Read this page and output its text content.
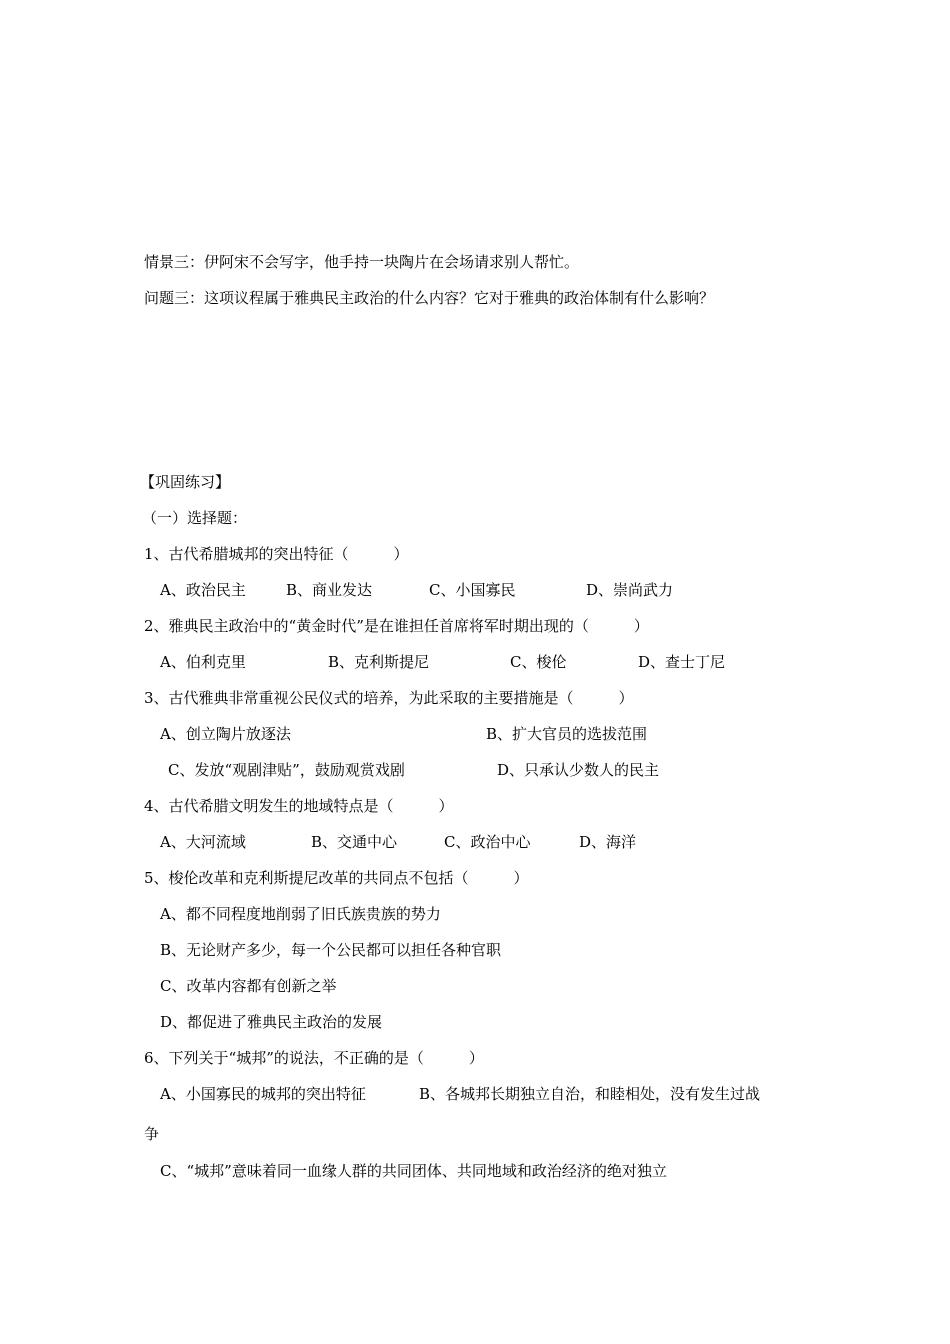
情景三：伊阿宋不会写字，他手持一块陶片在会场请求别人帮忙。
问题三：这项议程属于雅典民主政治的什么内容？它对于雅典的政治体制有什么影响？
【巩固练习】
（一）选择题：
1、古代希腊城邦的突出特征（　　　）
A、政治民主	B、商业发达	C、小国寡民	D、崇尚武力
2、雅典民主政治中的“黄金时代”是在谁担任首席将军时期出现的（　　　）
A、伯利克里	B、克利斯提尼	C、梭伦	D、查士丁尼
3、古代雅典非常重视公民仪式的培养，为此采取的主要措施是（　　　）
A、创立陶片放逐法	B、扩大官员的选拔范围
C、发放“观剧津贴”，鼓励观赏戏剧	D、只承认少数人的民主
4、古代希腊文明发生的地域特点是（　　　）
A、大河流域	B、交通中心	C、政治中心	D、海洋
5、梭伦改革和克利斯提尼改革的共同点不包括（　　　）
A、都不同程度地削弱了旧氏族贵族的势力
B、无论财产多少，每一个公民都可以担任各种官职
C、改革内容都有创新之举
D、都促进了雅典民主政治的发展
6、下列关于“城邦”的说法，不正确的是（　　　）
A、小国寡民的城邦的突出特征	B、各城邦长期独立自治，和睦相处，没有发生过战
争
C、“城邦”意味着同一血缘人群的共同团体、共同地域和政治经济的绝对独立
